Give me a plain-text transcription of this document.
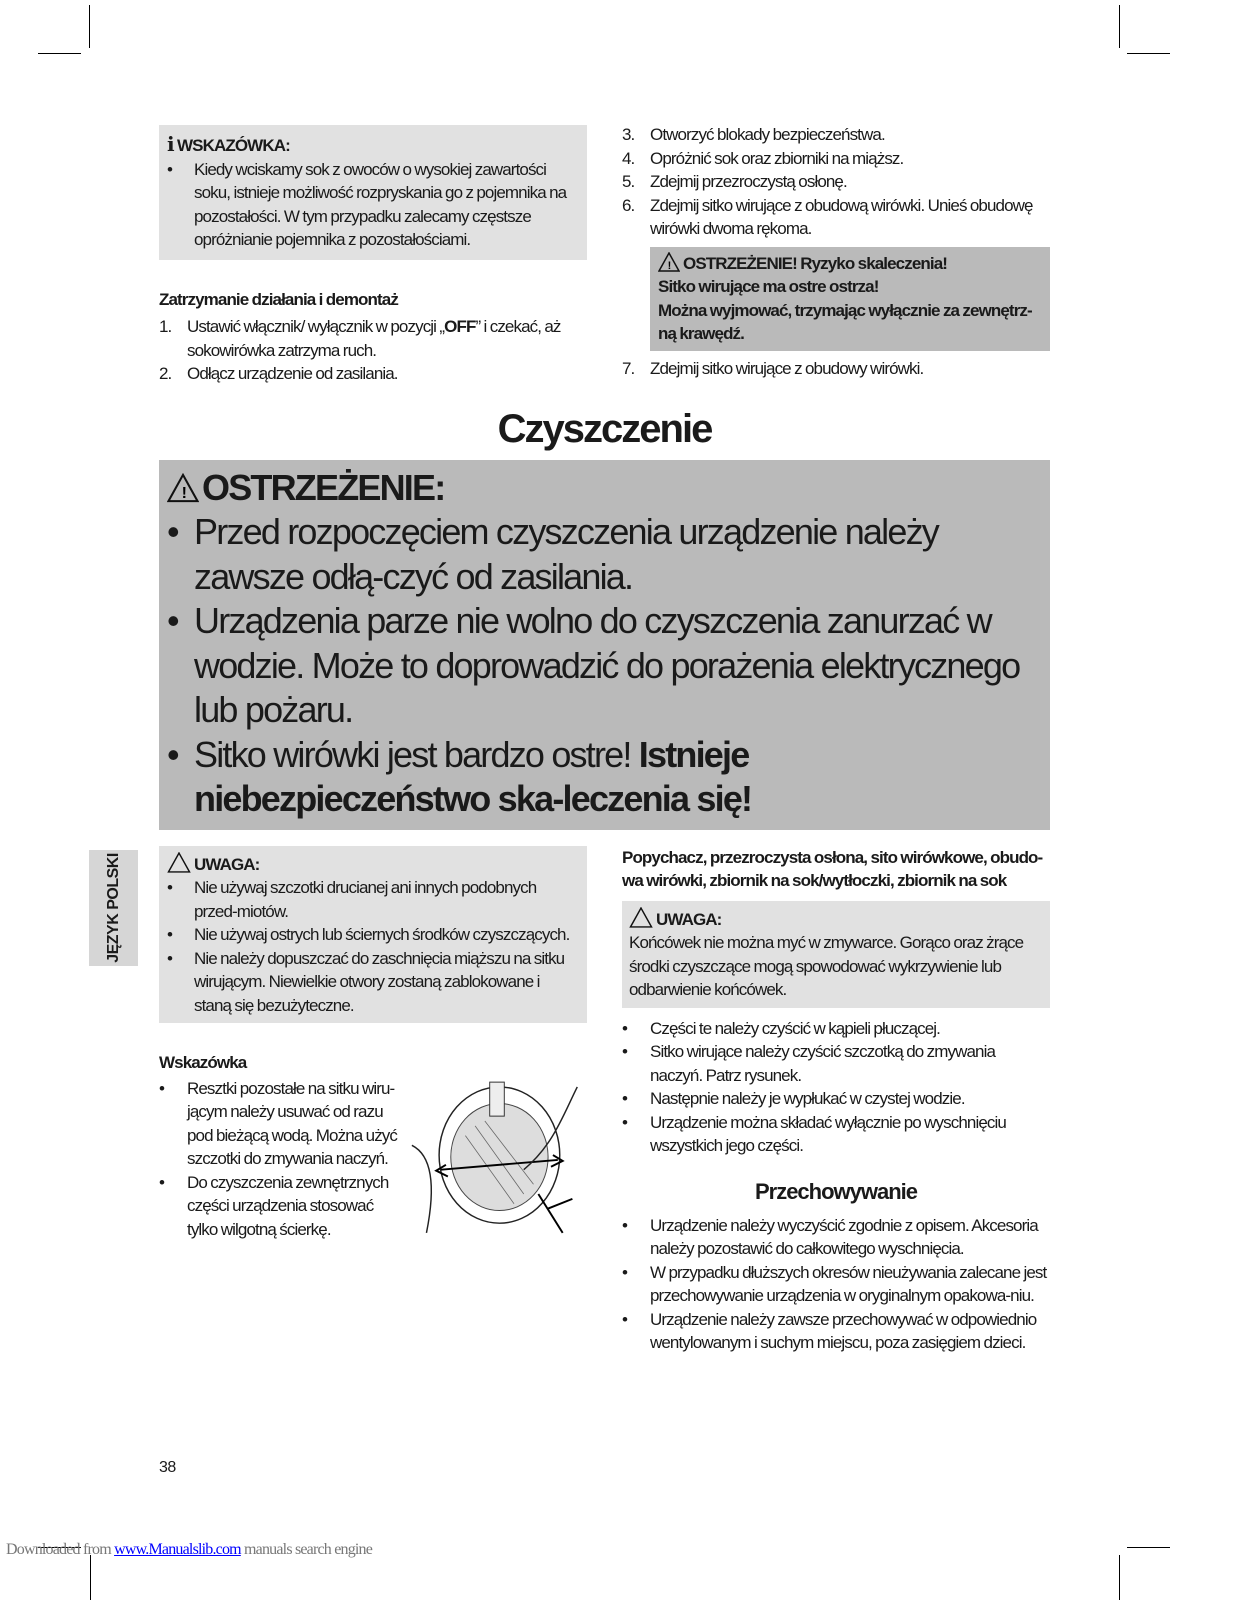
JĘZYK POLSKI
i WSKAZÓWKA:
• Kiedy wciskamy sok z owoców o wysokiej zawartości soku, istnieje możliwość rozpryskania go z pojemnika na pozostałości. W tym przypadku zalecamy częstsze opróżnianie pojemnika z pozostałościami.
Zatrzymanie działania i demontaż
1. Ustawić włącznik/ wyłącznik w pozycji „OFF” i czekać, aż sokowirówka zatrzyma ruch.
2. Odłącz urządzenie od zasilania.
3. Otworzyć blokady bezpieczeństwa.
4. Opróżnić sok oraz zbiorniki na miąższ.
5. Zdejmij przezroczystą osłonę.
6. Zdejmij sitko wirujące z obudową wirówki. Unieś obudowę wirówki dwoma rękoma.
! OSTRZEŻENIE! Ryzyko skaleczenia!
Sitko wirujące ma ostre ostrza!
Można wyjmować, trzymając wyłącznie za zewnętrz-ną krawędź.
7. Zdejmij sitko wirujące z obudowy wirówki.
Czyszczenie
! OSTRZEŻENIE:
• Przed rozpoczęciem czyszczenia urządzenie należy zawsze odłą-czyć od zasilania.
• Urządzenia parze nie wolno do czyszczenia zanurzać w wodzie. Może to doprowadzić do porażenia elektrycznego lub pożaru.
• Sitko wirówki jest bardzo ostre! Istnieje niebezpieczeństwo ska-leczenia się!
UWAGA:
• Nie używaj szczotki drucianej ani innych podobnych przed-miotów.
• Nie używaj ostrych lub ściernych środków czyszczących.
• Nie należy dopuszczać do zaschnięcia miąższu na sitku wirującym. Niewielkie otwory zostaną zablokowane i staną się bezużyteczne.
Wskazówka
• Resztki pozostałe na sitku wiru-jącym należy usuwać od razu pod bieżącą wodą. Można użyć szczotki do zmywania naczyń.
• Do czyszczenia zewnętrznych części urządzenia stosować tylko wilgotną ścierkę.
Popychacz, przezroczysta osłona, sito wirówkowe, obudo-wa wirówki, zbiornik na sok/wytłoczki, zbiornik na sok
UWAGA:
Końcówek nie można myć w zmywarce. Gorąco oraz żrące środki czyszczące mogą spowodować wykrzywienie lub odbarwienie końcówek.
• Części te należy czyścić w kąpieli płuczącej.
• Sitko wirujące należy czyścić szczotką do zmywania naczyń. Patrz rysunek.
• Następnie należy je wypłukać w czystej wodzie.
• Urządzenie można składać wyłącznie po wyschnięciu wszystkich jego części.
Przechowywanie
• Urządzenie należy wyczyścić zgodnie z opisem. Akcesoria należy pozostawić do całkowitego wyschnięcia.
• W przypadku dłuższych okresów nieużywania zalecane jest przechowywanie urządzenia w oryginalnym opakowa-niu.
• Urządzenie należy zawsze przechowywać w odpowiednio wentylowanym i suchym miejscu, poza zasięgiem dzieci.
38
Downloaded from www.Manualslib.com manuals search engine
